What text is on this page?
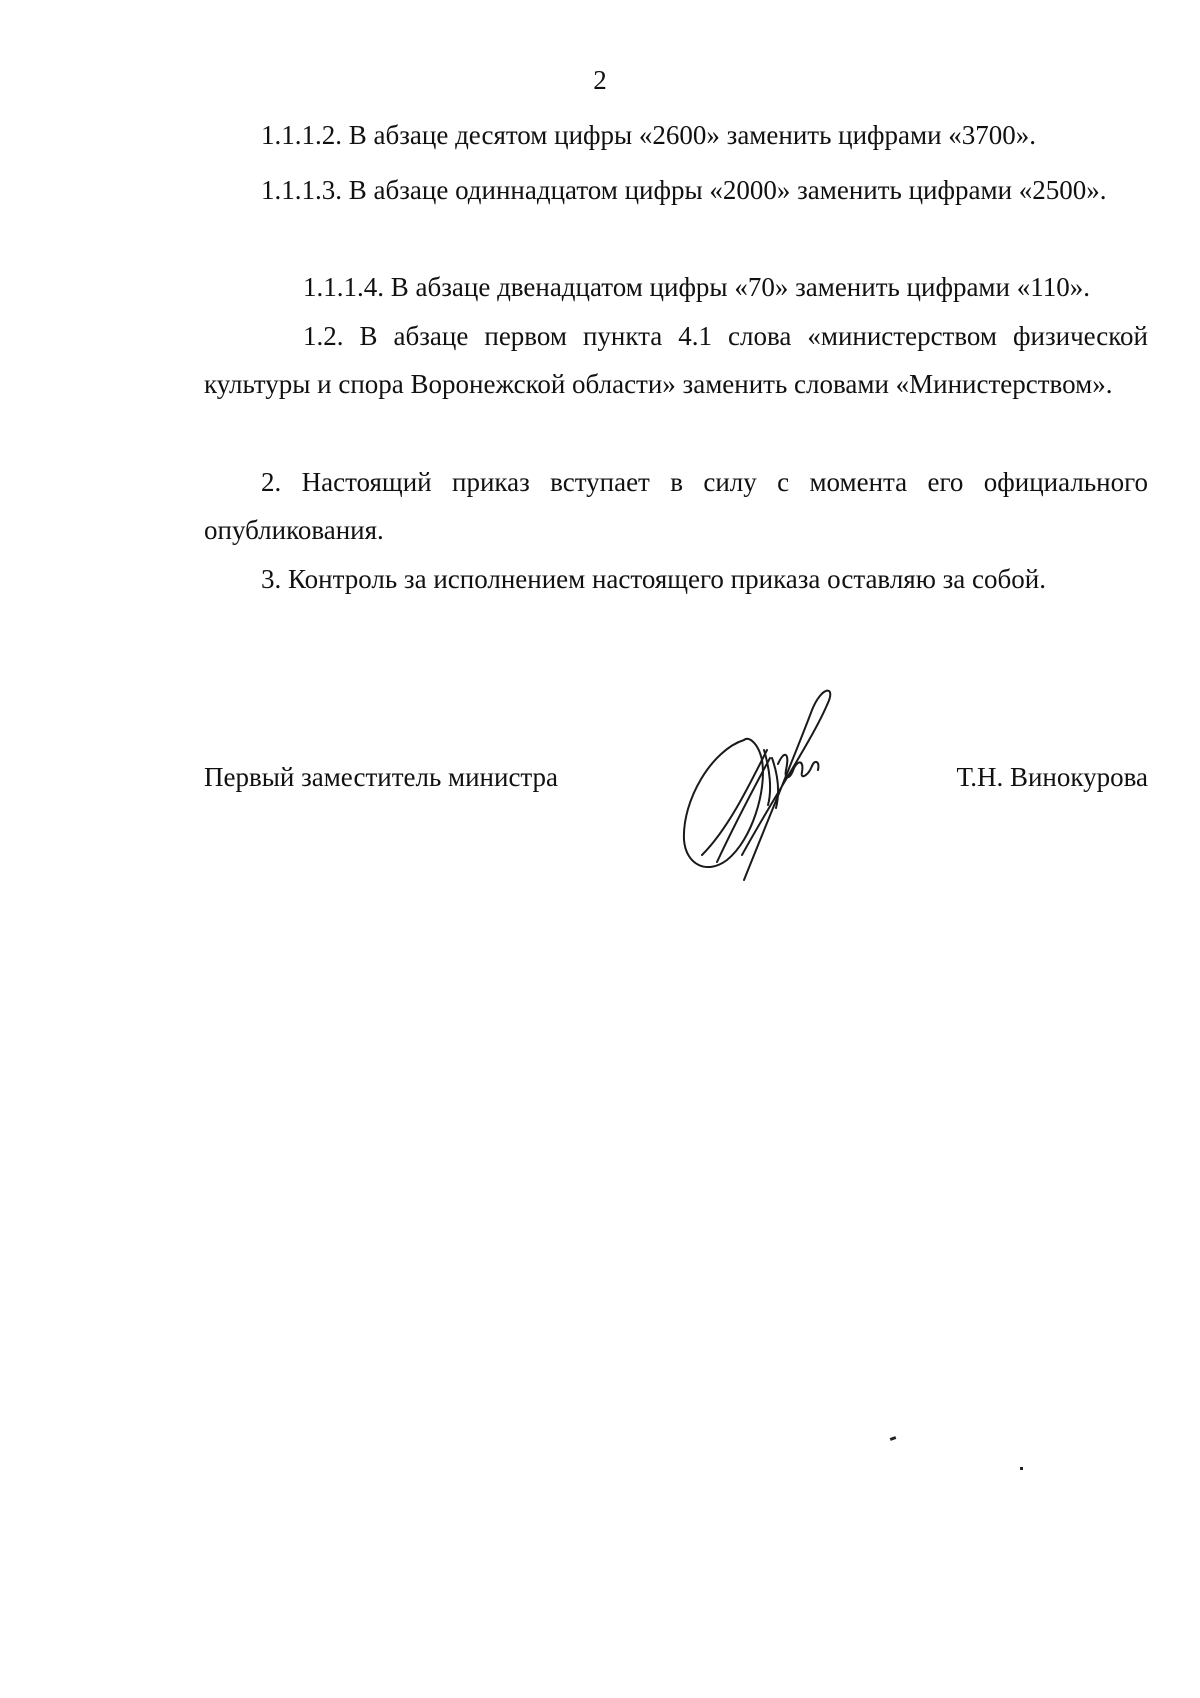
2

1.1.1.2. В абзаце десятом цифры «2600» заменить цифрами «3700».

1.1.1.3. В абзаце одиннадцатом цифры «2000» заменить цифрами «2500».

1.1.1.4. В абзаце двенадцатом цифры «70» заменить цифрами «110».

1.2. В абзаце первом пункта 4.1 слова «министерством физической культуры и спора Воронежской области» заменить словами «Министерством».

2. Настоящий приказ вступает в силу с момента его официального опубликования.

3. Контроль за исполнением настоящего приказа оставляю за собой.

Первый заместитель министра	Т.Н. Винокурова
